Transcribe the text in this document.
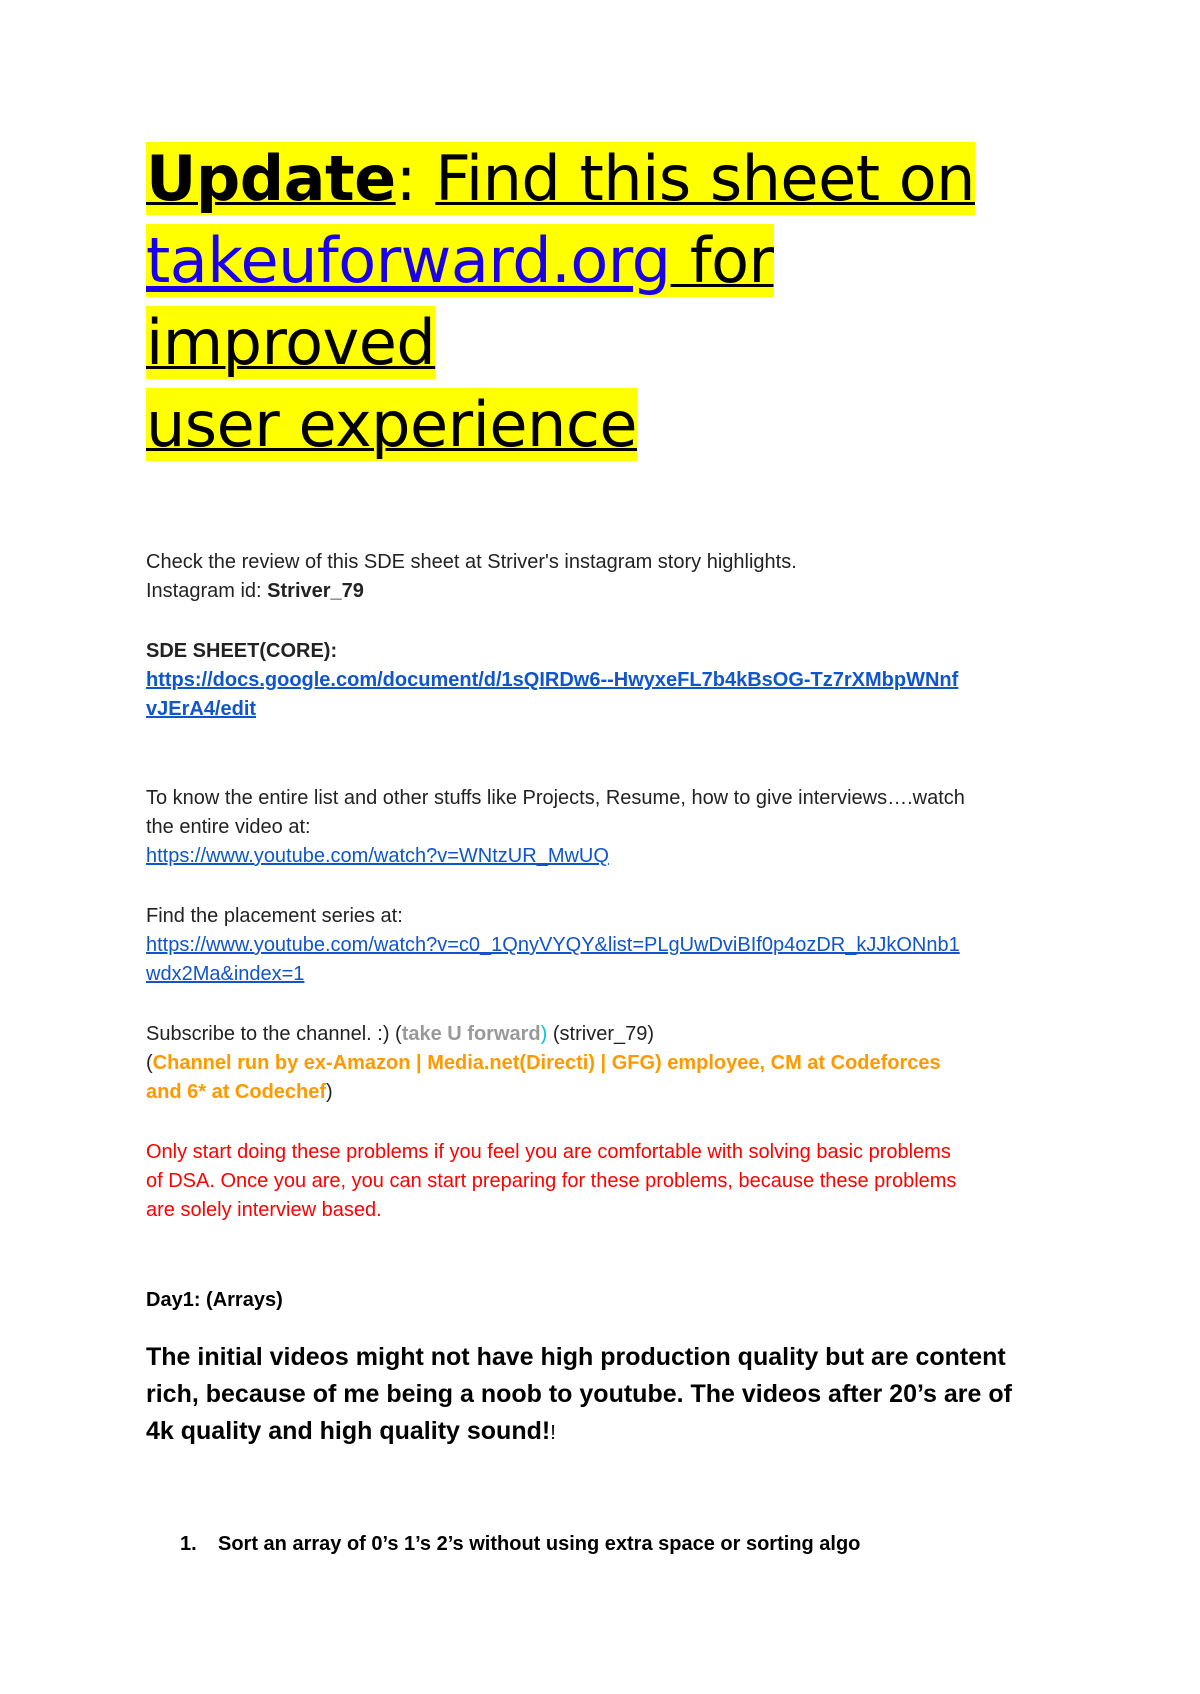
Update: Find this sheet on
takeuforward.org for improved
user experience

Check the review of this SDE sheet at Striver's instagram story highlights.

Instagram id: Striver_79

SDE SHEET(CORE):

https://docs.google.com/document/d/1sQIRDw6--HwyxeFL7b4kBsOG-Tz7rXMbpWNnf
vJErA4/edit

To know the entire list and other stuffs like Projects, Resume, how to give interviews….watch
the entire video at:

https://www.youtube.com/watch?v=WNtzUR_MwUQ

Find the placement series at:

https://www.youtube.com/watch?v=c0_1QnyVYQY&list=PLgUwDviBIf0p4ozDR_kJJkONnb1
wdx2Ma&index=1

Subscribe to the channel. :) (take U forward) (striver_79)

(Channel run by ex-Amazon | Media.net(Directi) | GFG) employee, CM at Codeforces
and 6* at Codechef)

Only start doing these problems if you feel you are comfortable with solving basic problems
of DSA. Once you are, you can start preparing for these problems, because these problems
are solely interview based.

Day1: (Arrays)

The initial videos might not have high production quality but are content
rich, because of me being a noob to youtube. The videos after 20’s are of
4k quality and high quality sound!!

1. Sort an array of 0’s 1’s 2’s without using extra space or sorting algo
